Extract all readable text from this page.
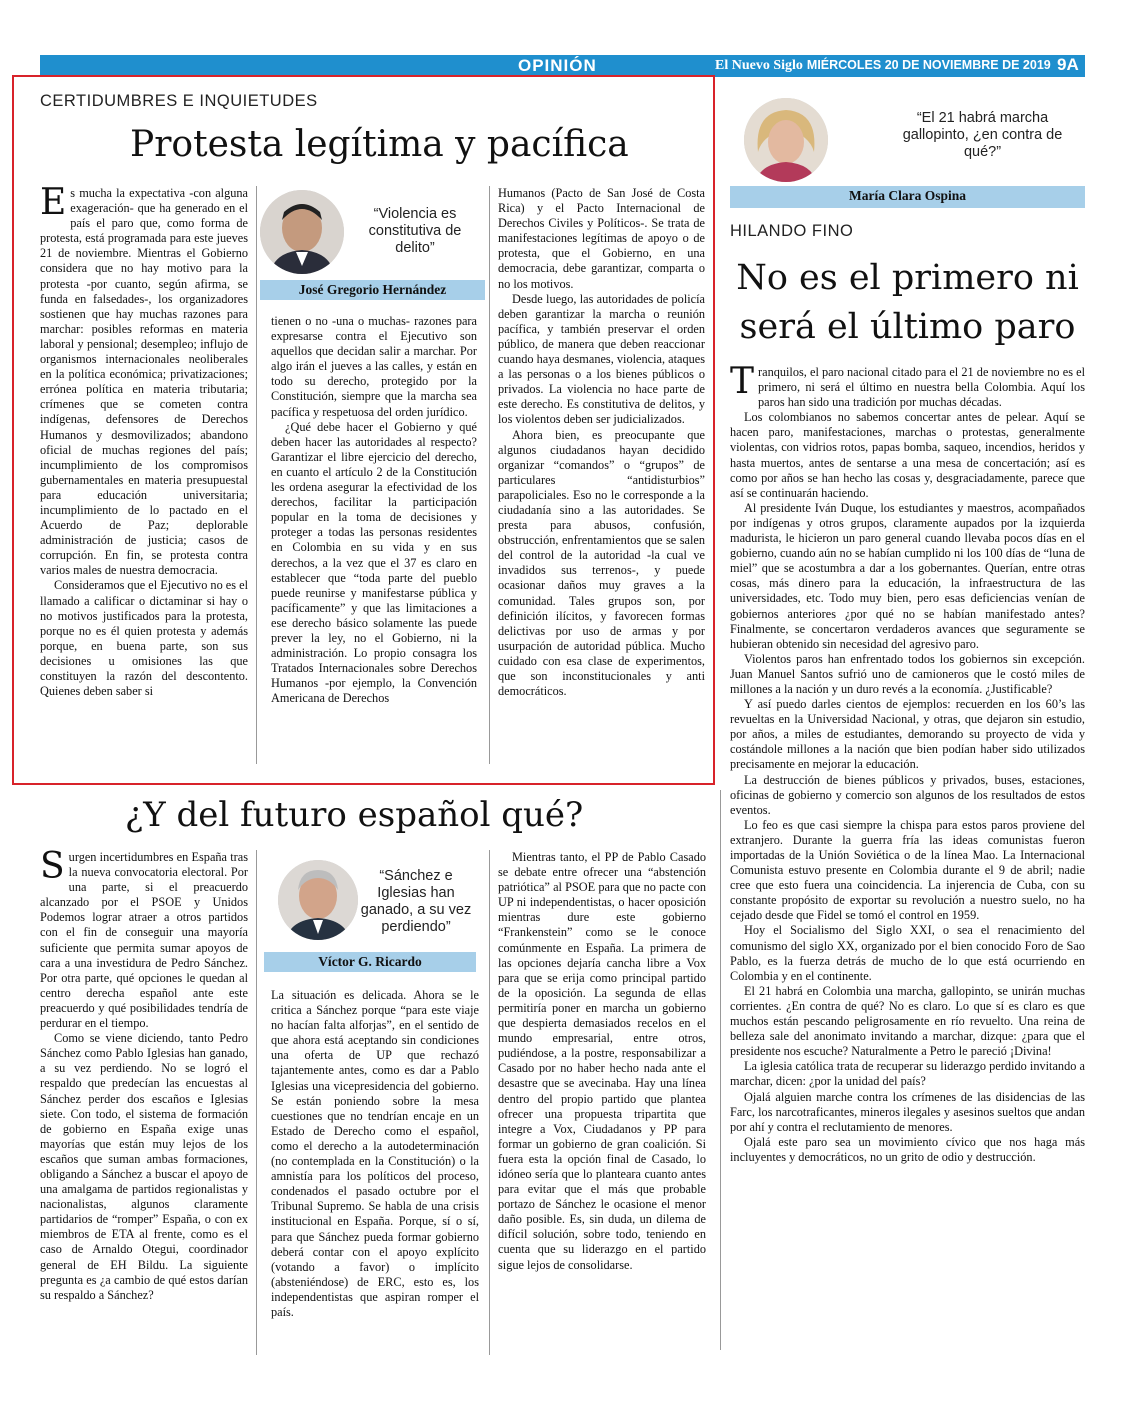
OPINIÓN	El Nuevo Siglo MIÉRCOLES 20 DE NOVIEMBRE DE 2019 9A
CERTIDUMBRES E INQUIETUDES
Protesta legítima y pacífica

Es mucha la expectativa -con alguna exageración- que ha generado en el país el paro que, como forma de protesta, está programada para este jueves 21 de noviembre. Mientras el Gobierno considera que no hay motivo para la protesta -por cuanto, según afirma, se funda en falsedades-, los organizadores sostienen que hay muchas razones para marchar: posibles reformas en materia laboral y pensional; desempleo; influjo de organismos internacionales neoliberales en la política económica; privatizaciones; errónea política en materia tributaria; crímenes que se cometen contra indígenas, defensores de Derechos Humanos y desmovilizados; abandono oficial de muchas regiones del país; incumplimiento de los compromisos gubernamentales en materia presupuestal para educación universitaria; incumplimiento de lo pactado en el Acuerdo de Paz; deplorable administración de justicia; casos de corrupción. En fin, se protesta contra varios males de nuestra democracia.

Consideramos que el Ejecutivo no es el llamado a calificar o dictaminar si hay o no motivos justificados para la protesta, porque no es él quien protesta y además porque, en buena parte, son sus decisiones u omisiones las que constituyen la razón del descontento. Quienes deben saber si

“Violencia es constitutiva de delito”
José Gregorio Hernández

tienen o no -una o muchas- razones para expresarse contra el Ejecutivo son aquellos que decidan salir a marchar. Por algo irán el jueves a las calles, y están en todo su derecho, protegido por la Constitución, siempre que la marcha sea pacífica y respetuosa del orden jurídico.

¿Qué debe hacer el Gobierno y qué deben hacer las autoridades al respecto? Garantizar el libre ejercicio del derecho, en cuanto el artículo 2 de la Constitución les ordena asegurar la efectividad de los derechos, facilitar la participación popular en la toma de decisiones y proteger a todas las personas residentes en Colombia en su vida y en sus derechos, a la vez que el 37 es claro en establecer que “toda parte del pueblo puede reunirse y manifestarse pública y pacíficamente” y que las limitaciones a ese derecho básico solamente las puede prever la ley, no el Gobierno, ni la administración. Lo propio consagra los Tratados Internacionales sobre Derechos Humanos -por ejemplo, la Convención Americana de Derechos

Humanos (Pacto de San José de Costa Rica) y el Pacto Internacional de Derechos Civiles y Políticos-. Se trata de manifestaciones legítimas de apoyo o de protesta, que el Gobierno, en una democracia, debe garantizar, comparta o no los motivos.

Desde luego, las autoridades de policía deben garantizar la marcha o reunión pacífica, y también preservar el orden público, de manera que deben reaccionar cuando haya desmanes, violencia, ataques a las personas o a los bienes públicos o privados. La violencia no hace parte de este derecho. Es constitutiva de delitos, y los violentos deben ser judicializados.

Ahora bien, es preocupante que algunos ciudadanos hayan decidido organizar “comandos” o “grupos” de particulares “antidisturbios” parapoliciales. Eso no le corresponde a la ciudadanía sino a las autoridades. Se presta para abusos, confusión, obstrucción, enfrentamientos que se salen del control de la autoridad -la cual ve invadidos sus terrenos-, y puede ocasionar daños muy graves a la comunidad. Tales grupos son, por definición ilícitos, y favorecen formas delictivas por uso de armas y por usurpación de autoridad pública. Mucho cuidado con esa clase de experimentos, que son inconstitucionales y anti democráticos.

“El 21 habrá marcha gallopinto, ¿en contra de qué?”
María Clara Ospina
HILANDO FINO
No es el primero ni
será el último paro

Tranquilos, el paro nacional citado para el 21 de noviembre no es el primero, ni será el último en nuestra bella Colombia. Aquí los paros han sido una tradición por muchas décadas.

Los colombianos no sabemos concertar antes de pelear. Aquí se hacen paro, manifestaciones, marchas o protestas, generalmente violentas, con vidrios rotos, papas bomba, saqueo, incendios, heridos y hasta muertos, antes de sentarse a una mesa de concertación; así es como por años se han hecho las cosas y, desgraciadamente, parece que así se continuarán haciendo.

Al presidente Iván Duque, los estudiantes y maestros, acompañados por indígenas y otros grupos, claramente aupados por la izquierda madurista, le hicieron un paro general cuando llevaba pocos días en el gobierno, cuando aún no se habían cumplido ni los 100 días de “luna de miel” que se acostumbra a dar a los gobernantes. Querían, entre otras cosas, más dinero para la educación, la infraestructura de las universidades, etc. Todo muy bien, pero esas deficiencias venían de gobiernos anteriores ¿por qué no se habían manifestado antes? Finalmente, se concertaron verdaderos avances que seguramente se hubieran obtenido sin necesidad del agresivo paro.

Violentos paros han enfrentado todos los gobiernos sin excepción. Juan Manuel Santos sufrió uno de camioneros que le costó miles de millones a la nación y un duro revés a la economía. ¿Justificable?

Y así puedo darles cientos de ejemplos: recuerden en los 60’s las revueltas en la Universidad Nacional, y otras, que dejaron sin estudio, por años, a miles de estudiantes, demorando su proyecto de vida y costándole millones a la nación que bien podían haber sido utilizados precisamente en mejorar la educación.

La destrucción de bienes públicos y privados, buses, estaciones, oficinas de gobierno y comercio son algunos de los resultados de estos eventos.

Lo feo es que casi siempre la chispa para estos paros proviene del extranjero. Durante la guerra fría las ideas comunistas fueron importadas de la Unión Soviética o de la línea Mao. La Internacional Comunista estuvo presente en Colombia durante el 9 de abril; nadie cree que esto fuera una coincidencia. La injerencia de Cuba, con su constante propósito de exportar su revolución a nuestro suelo, no ha cejado desde que Fidel se tomó el control en 1959.

Hoy el Socialismo del Siglo XXI, o sea el renacimiento del comunismo del siglo XX, organizado por el bien conocido Foro de Sao Pablo, es la fuerza detrás de mucho de lo que está ocurriendo en Colombia y en el continente.

El 21 habrá en Colombia una marcha, gallopinto, se unirán muchas corrientes. ¿En contra de qué? No es claro. Lo que sí es claro es que muchos están pescando peligrosamente en río revuelto. Una reina de belleza sale del anonimato invitando a marchar, dizque: ¿para que el presidente nos escuche? Naturalmente a Petro le pareció ¡Divina!

La iglesia católica trata de recuperar su liderazgo perdido invitando a marchar, dicen: ¿por la unidad del país?

Ojalá alguien marche contra los crímenes de las disidencias de las Farc, los narcotraficantes, mineros ilegales y asesinos sueltos que andan por ahí y contra el reclutamiento de menores.

Ojalá este paro sea un movimiento cívico que nos haga más incluyentes y democráticos, no un grito de odio y destrucción.

¿Y del futuro español qué?

Surgen incertidumbres en España tras la nueva convocatoria electoral. Por una parte, si el preacuerdo alcanzado por el PSOE y Unidos Podemos lograr atraer a otros partidos con el fin de conseguir una mayoría suficiente que permita sumar apoyos de cara a una investidura de Pedro Sánchez. Por otra parte, qué opciones le quedan al centro derecha español ante este preacuerdo y qué posibilidades tendría de perdurar en el tiempo.

Como se viene diciendo, tanto Pedro Sánchez como Pablo Iglesias han ganado, a su vez perdiendo. No se logró el respaldo que predecían las encuestas al Sánchez perder dos escaños e Iglesias siete. Con todo, el sistema de formación de gobierno en España exige unas mayorías que están muy lejos de los escaños que suman ambas formaciones, obligando a Sánchez a buscar el apoyo de una amalgama de partidos regionalistas y nacionalistas, algunos claramente partidarios de “romper” España, o con ex miembros de ETA al frente, como es el caso de Arnaldo Otegui, coordinador general de EH Bildu. La siguiente pregunta es ¿a cambio de qué estos darían su respaldo a Sánchez?

“Sánchez e Iglesias han ganado, a su vez perdiendo”
Víctor G. Ricardo

La situación es delicada. Ahora se le critica a Sánchez porque “para este viaje no hacían falta alforjas”, en el sentido de que ahora está aceptando sin condiciones una oferta de UP que rechazó tajantemente antes, como es dar a Pablo Iglesias una vicepresidencia del gobierno. Se están poniendo sobre la mesa cuestiones que no tendrían encaje en un Estado de Derecho como el español, como el derecho a la autodeterminación (no contemplada en la Constitución) o la amnistía para los políticos del proceso, condenados el pasado octubre por el Tribunal Supremo. Se habla de una crisis institucional en España. Porque, sí o sí, para que Sánchez pueda formar gobierno deberá contar con el apoyo explícito (votando a favor) o implícito (absteniéndose) de ERC, esto es, los independentistas que aspiran romper el país.

Mientras tanto, el PP de Pablo Casado se debate entre ofrecer una “abstención patriótica” al PSOE para que no pacte con UP ni independentistas, o hacer oposición mientras dure este gobierno “Frankenstein” como se le conoce comúnmente en España. La primera de las opciones dejaría cancha libre a Vox para que se erija como principal partido de la oposición. La segunda de ellas permitiría poner en marcha un gobierno que despierta demasiados recelos en el mundo empresarial, entre otros, pudiéndose, a la postre, responsabilizar a Casado por no haber hecho nada ante el desastre que se avecinaba. Hay una línea dentro del propio partido que plantea ofrecer una propuesta tripartita que integre a Vox, Ciudadanos y PP para formar un gobierno de gran coalición. Si fuera esta la opción final de Casado, lo idóneo sería que lo planteara cuanto antes para evitar que el más que probable portazo de Sánchez le ocasione el menor daño posible. Es, sin duda, un dilema de difícil solución, sobre todo, teniendo en cuenta que su liderazgo en el partido sigue lejos de consolidarse.
